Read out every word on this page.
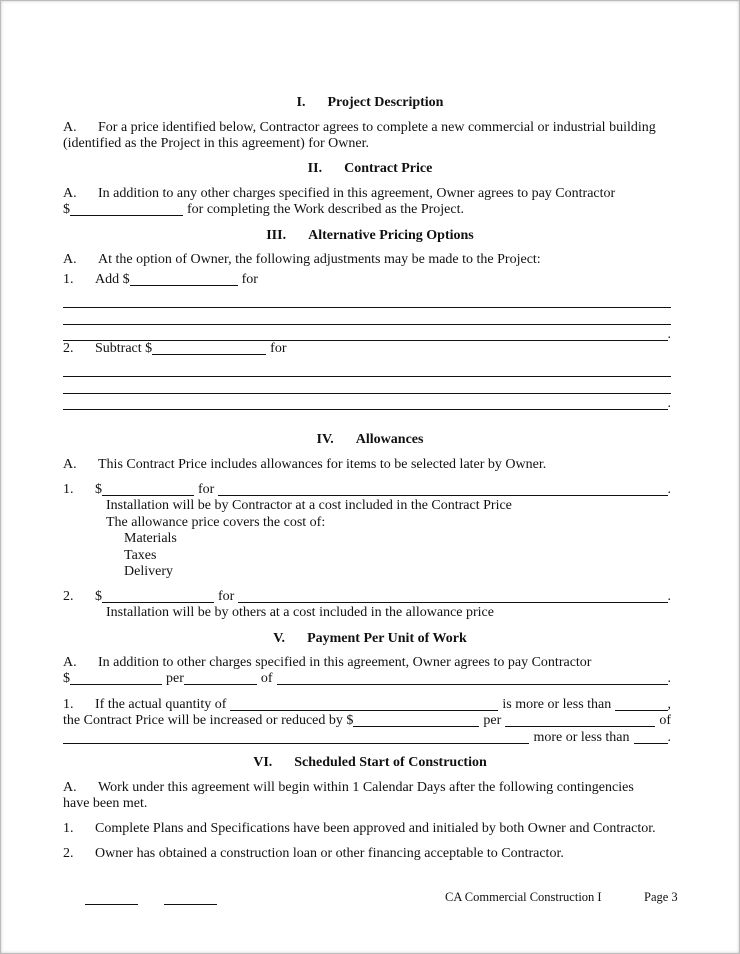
I. Project Description
A.	For a price identified below, Contractor agrees to complete a new commercial or industrial building
(identified as the Project in this agreement) for Owner.
II. Contract Price
A.	In addition to any other charges specified in this agreement, Owner agrees to pay Contractor
$	for completing the Work described as the Project.
III. Alternative Pricing Options
A.	At the option of Owner, the following adjustments may be made to the Project:
1.	Add $	for
.
2.	Subtract $	for
.
IV. Allowances
A.	This Contract Price includes allowances for items to be selected later by Owner.
1.	$	for	.
Installation will be by Contractor at a cost included in the Contract Price
The allowance price covers the cost of:
Materials
Taxes
Delivery
2.	$	for	.
Installation will be by others at a cost included in the allowance price
V. Payment Per Unit of Work
A.	In addition to other charges specified in this agreement, Owner agrees to pay Contractor
$	per	of	.
1.	If the actual quantity of	is more or less than	,
the Contract Price will be increased or reduced by $	per	of
more or less than	.
VI. Scheduled Start of Construction
A.	Work under this agreement will begin within 1 Calendar Days after the following contingencies
have been met.
1.	Complete Plans and Specifications have been approved and initialed by both Owner and Contractor.
2.	Owner has obtained a construction loan or other financing acceptable to Contractor.
CA Commercial Construction I	Page 3
